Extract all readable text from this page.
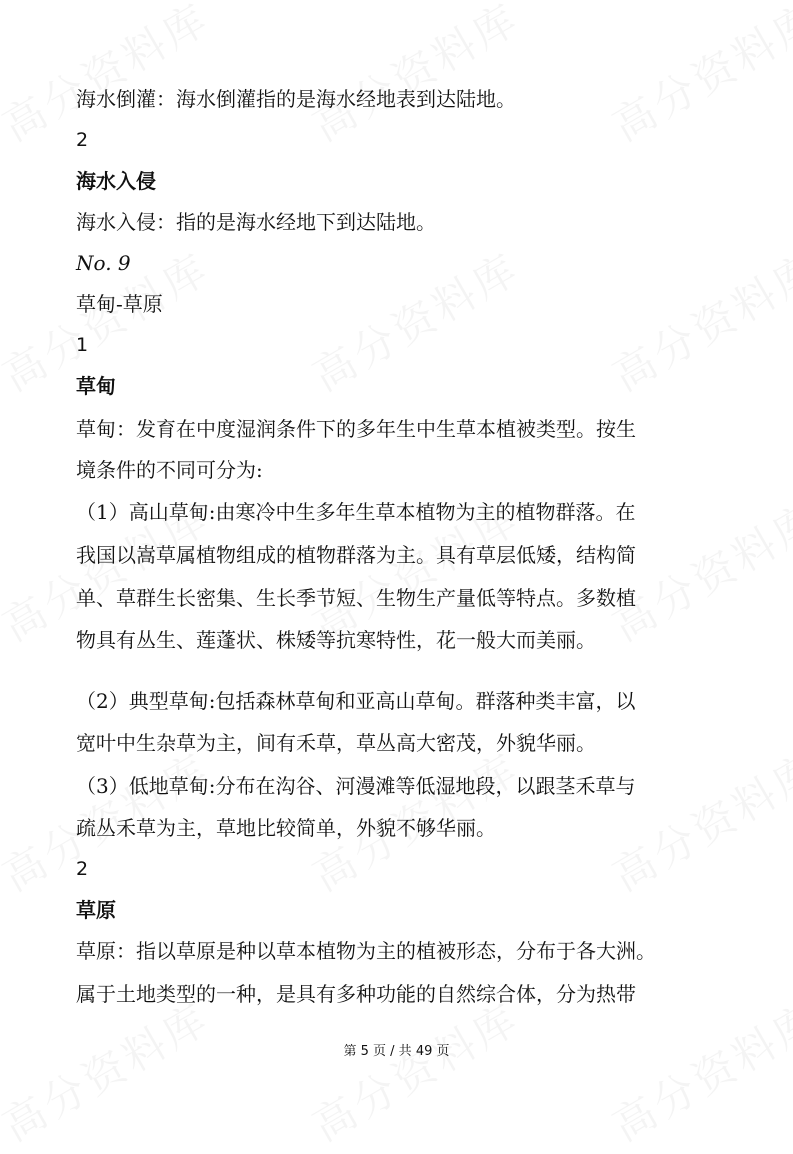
海水倒灌：海水倒灌指的是海水经地表到达陆地。
2
海水入侵
海水入侵：指的是海水经地下到达陆地。
No. 9
草甸-草原
1
草甸
草甸：发育在中度湿润条件下的多年生中生草本植被类型。按生
境条件的不同可分为:
（1）高山草甸:由寒冷中生多年生草本植物为主的植物群落。在
我国以嵩草属植物组成的植物群落为主。具有草层低矮，结构简
单、草群生长密集、生长季节短、生物生产量低等特点。多数植
物具有丛生、莲蓬状、株矮等抗寒特性，花一般大而美丽。
（2）典型草甸:包括森林草甸和亚高山草甸。群落种类丰富，以
宽叶中生杂草为主，间有禾草，草丛高大密茂，外貌华丽。
（3）低地草甸:分布在沟谷、河漫滩等低湿地段，以跟茎禾草与
疏丛禾草为主，草地比较简单，外貌不够华丽。
2
草原
草原：指以草原是种以草本植物为主的植被形态，分布于各大洲。
属于土地类型的一种，是具有多种功能的自然综合体，分为热带
第 5 页 / 共 49 页
